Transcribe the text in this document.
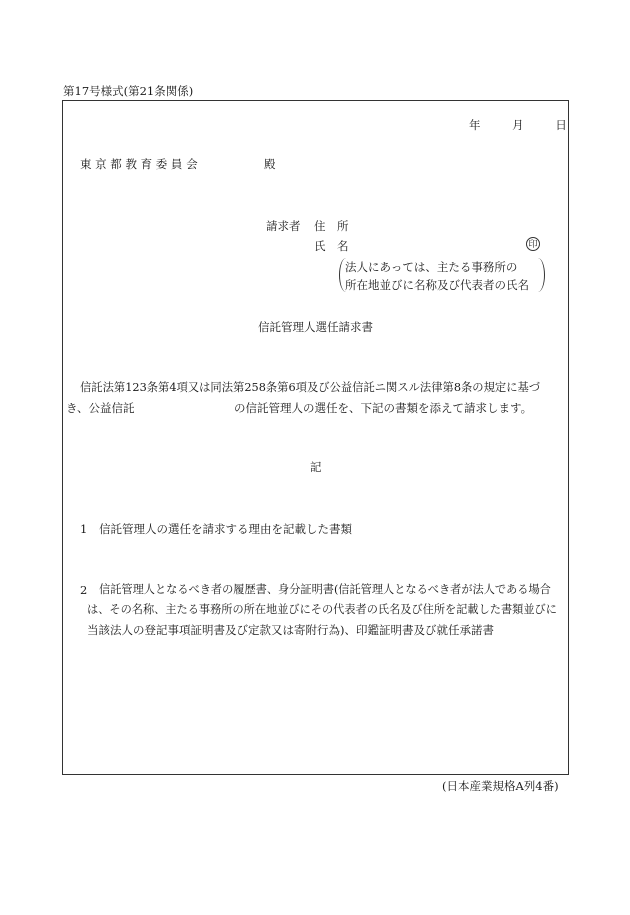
第17号様式(第21条関係)
年	月	日
東 京 都 教 育 委 員 会	殿
請求者 住　所
氏　名	印
法人にあっては、主たる事務所の
所在地並びに名称及び代表者の氏名
信託管理人選任請求書
信託法第123条第4項又は同法第258条第6項及び公益信託ニ関スル法律第8条の規定に基づ
き、公益信託	の信託管理人の選任を、下記の書類を添えて請求します。
記
1 信託管理人の選任を請求する理由を記載した書類
2 信託管理人となるべき者の履歴書、身分証明書(信託管理人となるべき者が法人である場合
は、その名称、主たる事務所の所在地並びにその代表者の氏名及び住所を記載した書類並びに
当該法人の登記事項証明書及び定款又は寄附行為)、印鑑証明書及び就任承諾書
(日本産業規格A列4番)
